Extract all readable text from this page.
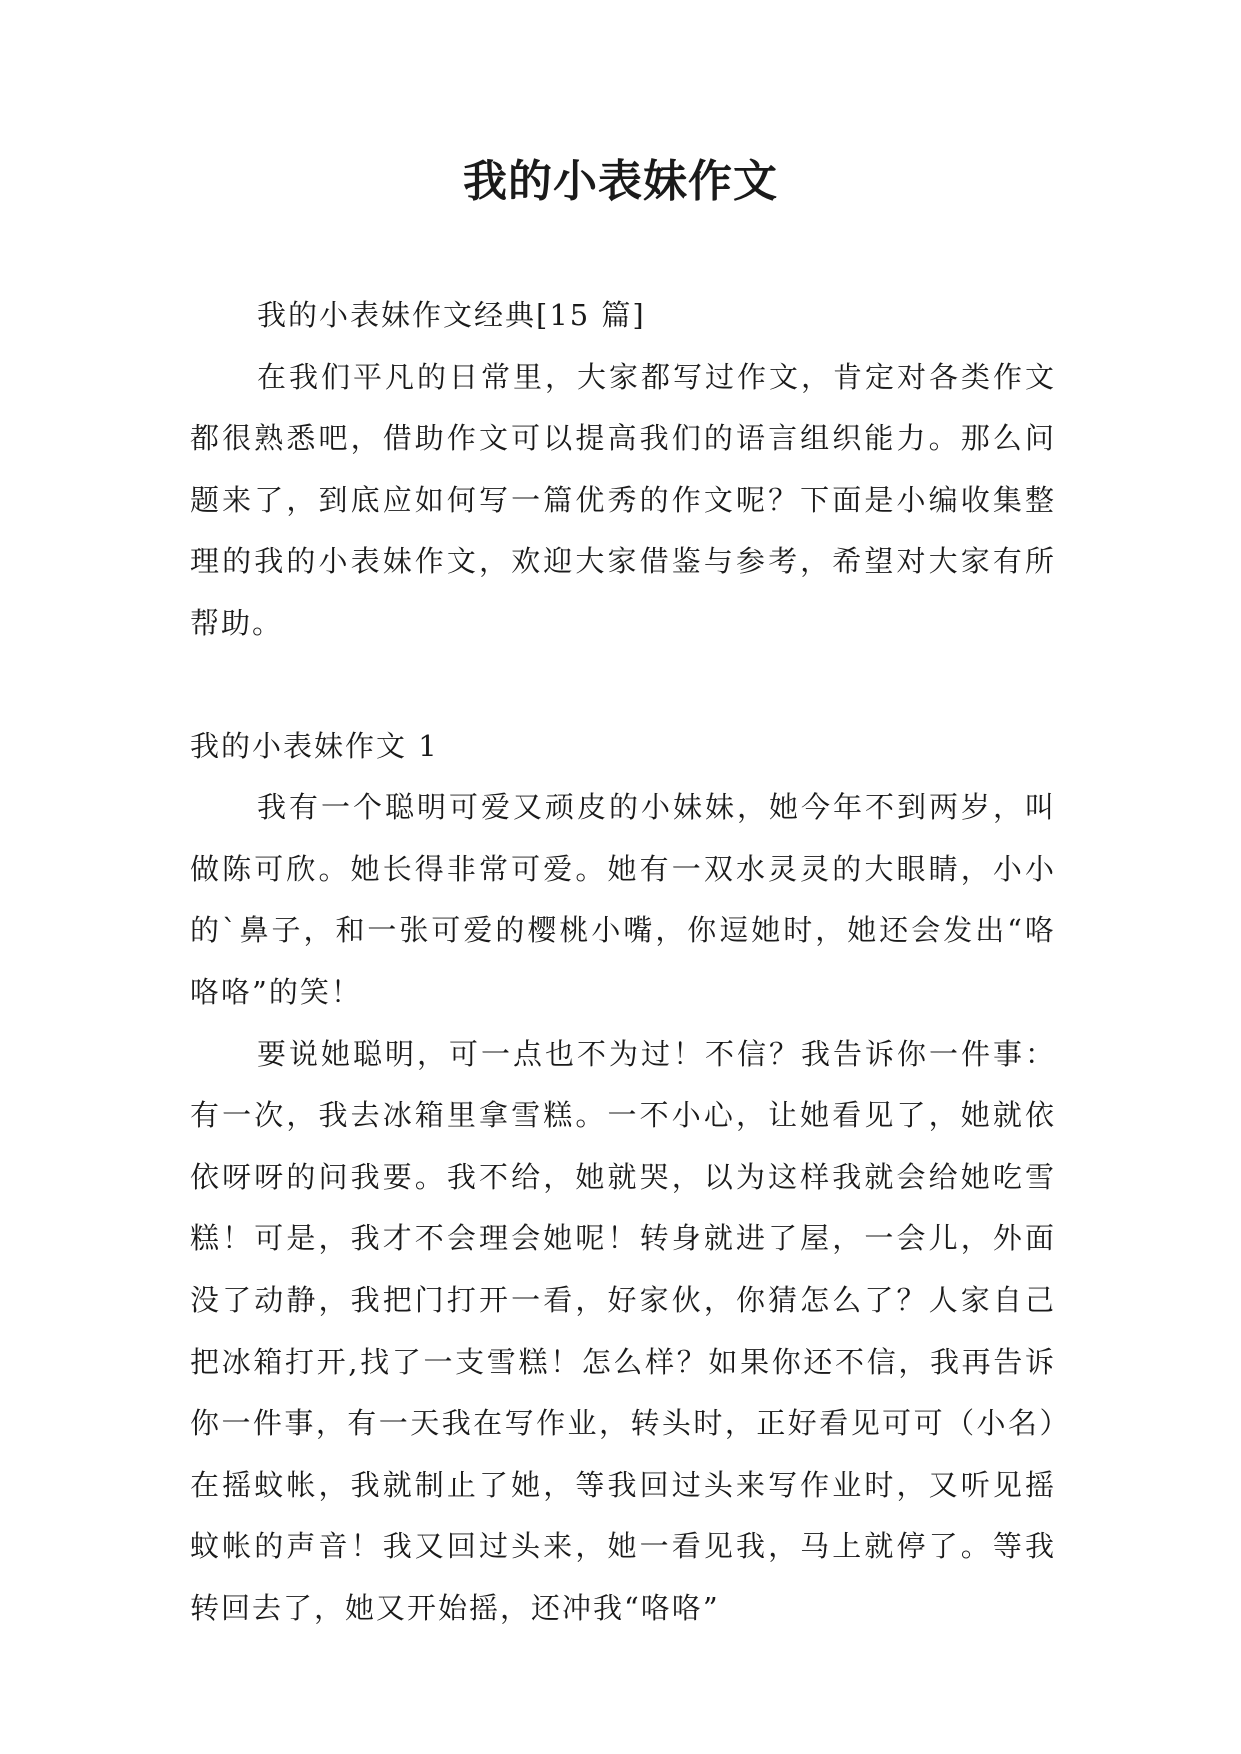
我的小表妹作文

我的小表妹作文经典[15 篇]

在我们平凡的日常里，大家都写过作文，肯定对各类作文都很熟悉吧，借助作文可以提高我们的语言组织能力。那么问题来了，到底应如何写一篇优秀的作文呢？下面是小编收集整理的我的小表妹作文，欢迎大家借鉴与参考，希望对大家有所帮助。

我的小表妹作文 1

我有一个聪明可爱又顽皮的小妹妹，她今年不到两岁，叫做陈可欣。她长得非常可爱。她有一双水灵灵的大眼睛，小小的`鼻子，和一张可爱的樱桃小嘴，你逗她时，她还会发出“咯咯咯”的笑！

要说她聪明，可一点也不为过！不信？我告诉你一件事：有一次，我去冰箱里拿雪糕。一不小心，让她看见了，她就依依呀呀的问我要。我不给，她就哭，以为这样我就会给她吃雪糕！可是，我才不会理会她呢！转身就进了屋，一会儿，外面没了动静，我把门打开一看，好家伙，你猜怎么了？人家自己把冰箱打开,找了一支雪糕！怎么样？如果你还不信，我再告诉你一件事，有一天我在写作业，转头时，正好看见可可（小名）在摇蚊帐，我就制止了她，等我回过头来写作业时，又听见摇蚊帐的声音！我又回过头来，她一看见我，马上就停了。等我转回去了，她又开始摇，还冲我“咯咯”
